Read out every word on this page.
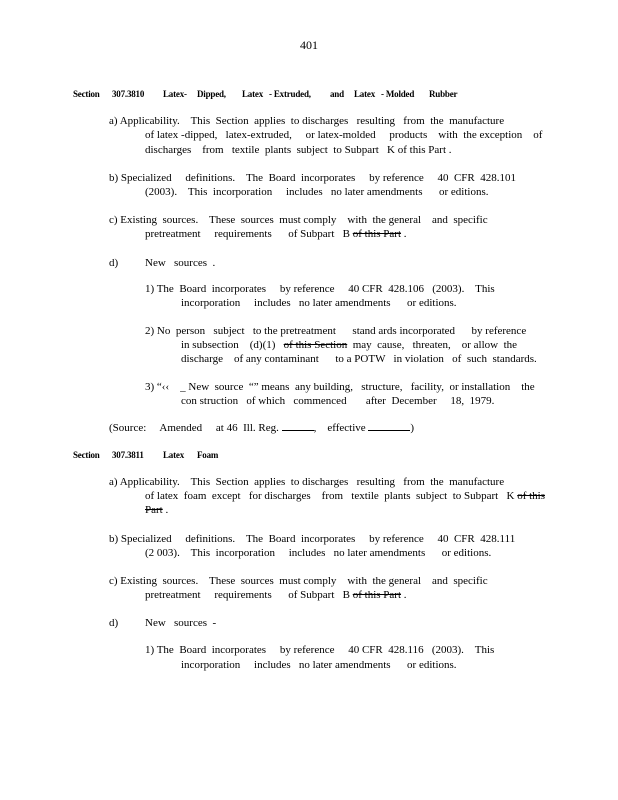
401
Section 307.3810 Latex- Dipped, Latex - Extruded, and Latex - Molded Rubber
a) Applicability.    This  Section  applies  to discharges   resulting   from  the  manufacture
of latex -dipped,   latex-extruded,     or latex-molded     products    with  the exception    of
discharges    from   textile  plants  subject  to Subpart   K of this Part .
b) Specialized     definitions.    The  Board  incorporates     by reference     40  CFR  428.101
(2003).    This  incorporation     includes   no later amendments      or editions.
c) Existing  sources.    These  sources  must comply    with  the general    and  specific
pretreatment     requirements      of Subpart   B of this Part .
d) New   sources  .
1) The  Board  incorporates     by reference     40 CFR  428.106   (2003).    This
incorporation     includes   no later amendments      or editions.
2) No  person   subject   to the pretreatment      stand ards incorporated      by reference
in subsection    (d)(1)   of this Section  may  cause,   threaten,    or allow  the
discharge    of any contaminant      to a POTW   in violation   of  such  standards.
3) “‹‹    _ New  source  “” means  any building,   structure,   facility,  or installation    the
con struction   of which   commenced       after  December     18,  1979.
(Source:     Amended     at 46  Ill. Reg.	,    effective	)
Section 307.3811 Latex Foam
a) Applicability.    This  Section  applies  to discharges   resulting   from  the  manufacture
of latex  foam  except   for discharges    from   textile  plants  subject  to Subpart   K of this
Part .
b) Specialized     definitions.    The  Board  incorporates     by reference     40  CFR  428.111
(2 003).    This  incorporation     includes   no later amendments      or editions.
c) Existing  sources.    These  sources  must comply    with  the general    and  specific
pretreatment     requirements      of Subpart   B of this Part .
d) New   sources  -
1) The  Board  incorporates     by reference     40 CFR  428.116   (2003).    This
incorporation     includes   no later amendments      or editions.
